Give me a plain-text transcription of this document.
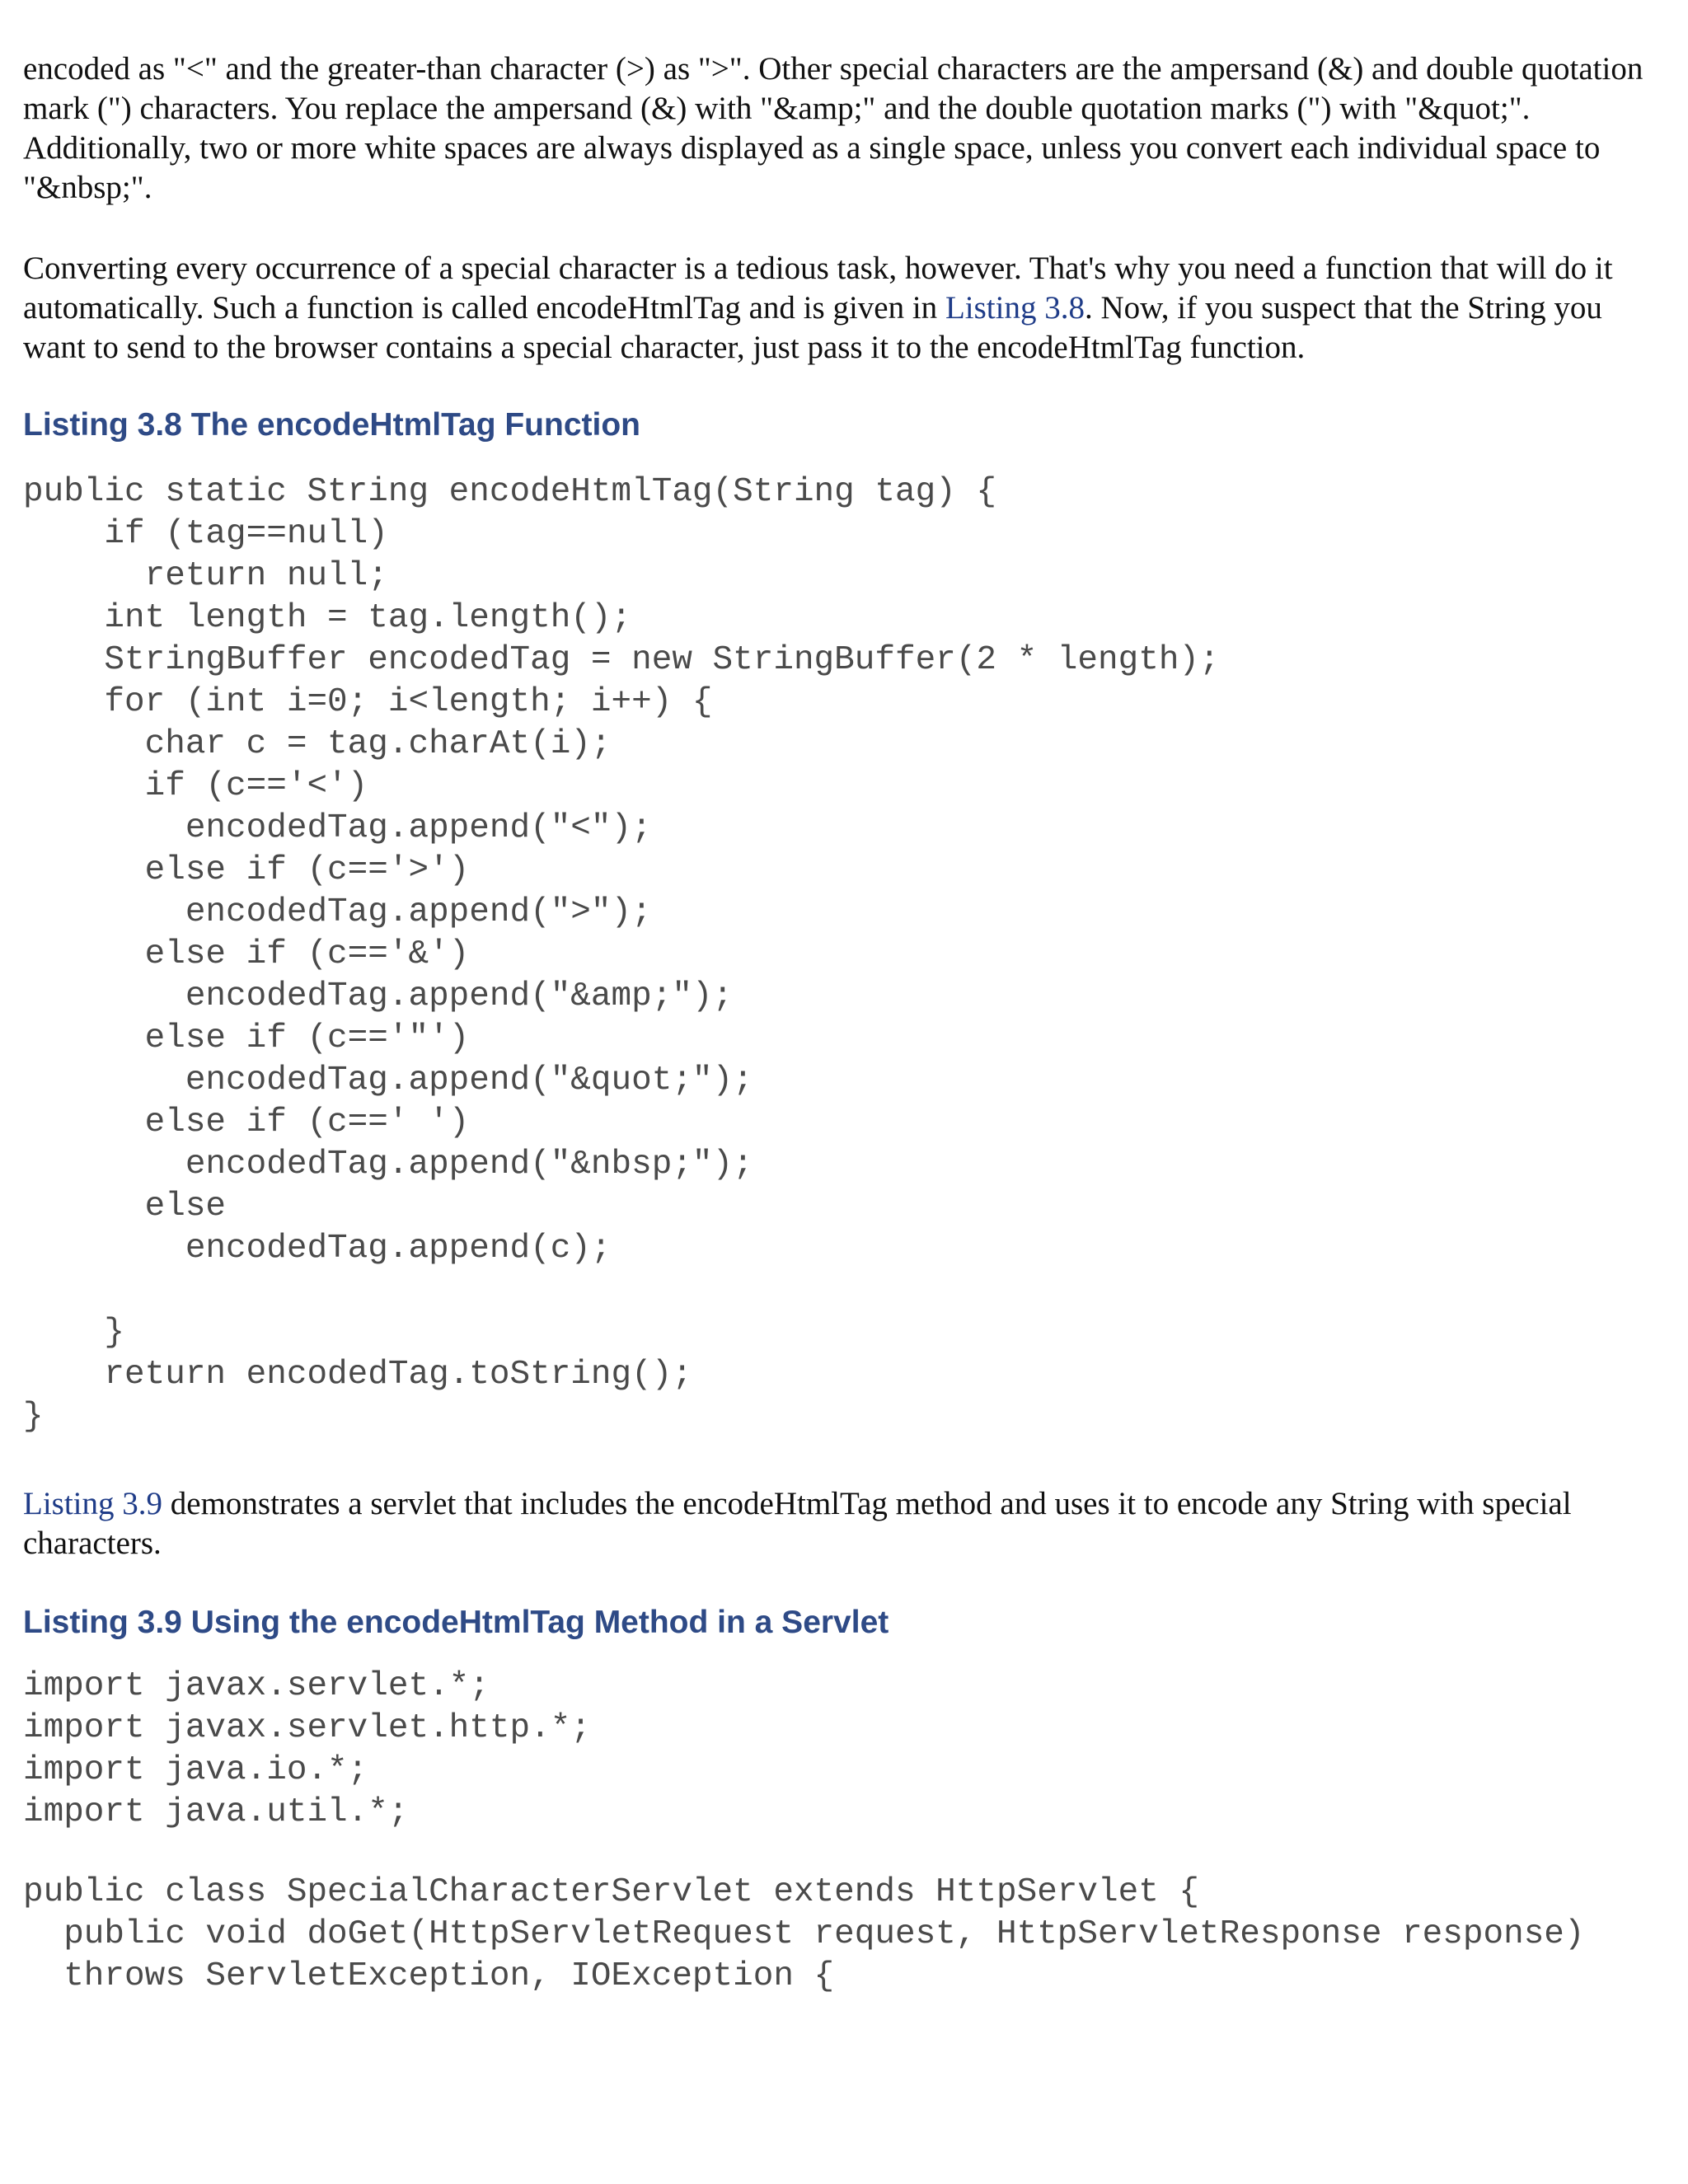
encoded as "<" and the greater-than character (>) as ">". Other special characters are the ampersand (&) and double quotation mark (") characters. You replace the ampersand (&) with "&amp;" and the double quotation marks (") with "&quot;". Additionally, two or more white spaces are always displayed as a single space, unless you convert each individual space to "&nbsp;".

Converting every occurrence of a special character is a tedious task, however. That's why you need a function that will do it automatically. Such a function is called encodeHtmlTag and is given in Listing 3.8. Now, if you suspect that the String you want to send to the browser contains a special character, just pass it to the encodeHtmlTag function.

Listing 3.8 The encodeHtmlTag Function
public static String encodeHtmlTag(String tag) {
if (tag==null)
return null;
int length = tag.length();
StringBuffer encodedTag = new StringBuffer(2 * length);
for (int i=0; i<length; i++) {
char c = tag.charAt(i);
if (c=='<')
encodedTag.append("<");
else if (c=='>')
encodedTag.append(">");
else if (c=='&')
encodedTag.append("&amp;");
else if (c=='"')
encodedTag.append("&quot;");
else if (c==' ')
encodedTag.append("&nbsp;");
else
encodedTag.append(c);

}
return encodedTag.toString();
}

Listing 3.9 demonstrates a servlet that includes the encodeHtmlTag method and uses it to encode any String with special characters.

Listing 3.9 Using the encodeHtmlTag Method in a Servlet
import javax.servlet.*;
import javax.servlet.http.*;
import java.io.*;
import java.util.*;
public class SpecialCharacterServlet extends HttpServlet {
public void doGet(HttpServletRequest request, HttpServletResponse response)
throws ServletException, IOException {
